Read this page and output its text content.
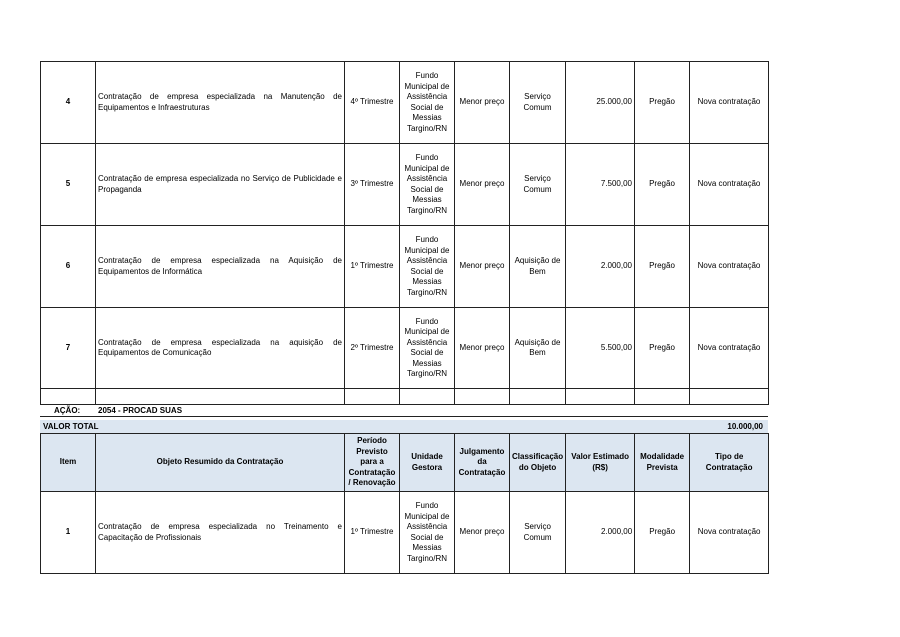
4	Contratação de empresa especializada na Manutenção de Equipamentos e Infraestruturas	4º Trimestre	Fundo Municipal de Assistência Social de Messias Targino/RN	Menor preço	Serviço Comum	25.000,00	Pregão	Nova contratação
5	Contratação de empresa especializada no Serviço de Publicidade e Propaganda	3º Trimestre	Fundo Municipal de Assistência Social de Messias Targino/RN	Menor preço	Serviço Comum	7.500,00	Pregão	Nova contratação
6	Contratação de empresa especializada na Aquisição de Equipamentos de Informática	1º Trimestre	Fundo Municipal de Assistência Social de Messias Targino/RN	Menor preço	Aquisição de Bem	2.000,00	Pregão	Nova contratação
7	Contratação de empresa especializada na aquisição de Equipamentos de Comunicação	2º Trimestre	Fundo Municipal de Assistência Social de Messias Targino/RN	Menor preço	Aquisição de Bem	5.500,00	Pregão	Nova contratação

AÇÃO: 2054 - PROCAD SUAS
VALOR TOTAL	10.000,00
Item	Objeto Resumido da Contratação	Período Previsto para a Contratação / Renovação	Unidade Gestora	Julgamento da Contratação	Classificação do Objeto	Valor Estimado (R$)	Modalidade Prevista	Tipo de Contratação
1	Contratação de empresa especializada no Treinamento e Capacitação de Profissionais	1º Trimestre	Fundo Municipal de Assistência Social de Messias Targino/RN	Menor preço	Serviço Comum	2.000,00	Pregão	Nova contratação
